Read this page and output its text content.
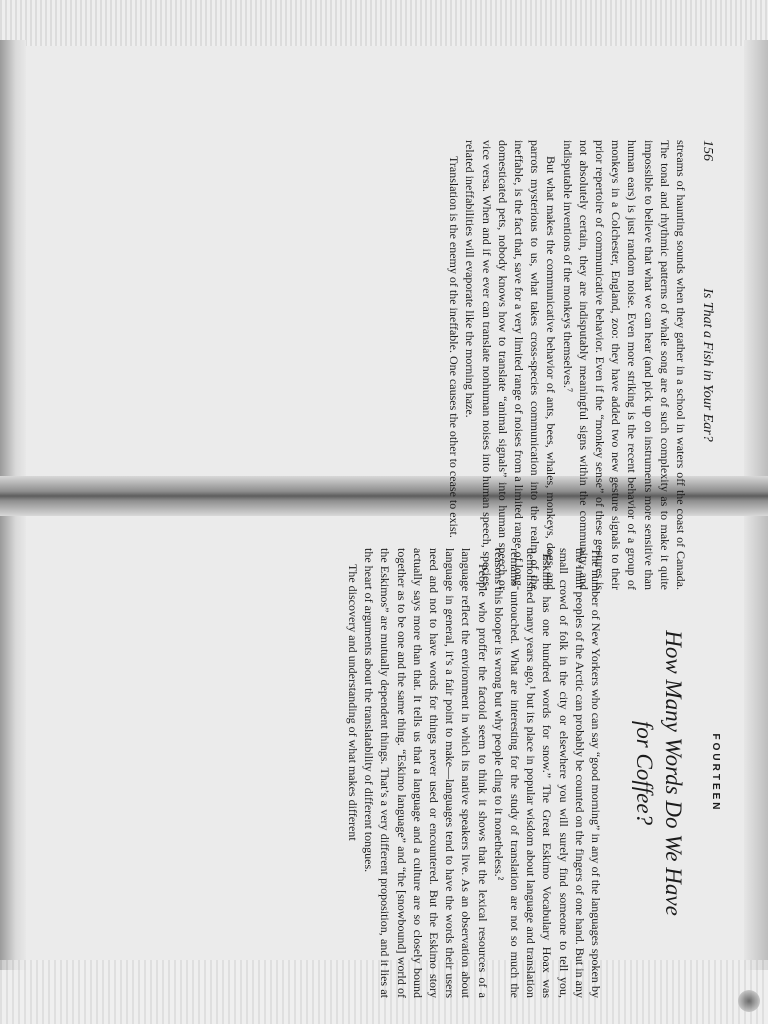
156
Is That a Fish in Your Ear?

streams of haunting sounds when they gather in a school in waters off the coast of Canada. The tonal and rhythmic patterns of whale song are of such complexity as to make it quite impossible to believe that what we can hear (and pick up on instruments more sensitive than human ears) is just random noise. Even more striking is the recent behavior of a group of monkeys in a Colchester, England, zoo: they have added two new gesture signals to their prior repertoire of communicative behavior. Even if the “monkey sense” of these gestures is not absolutely certain, they are indisputably meaningful signs within the community, and indisputable inventions of the monkeys themselves.⁷

But what makes the communicative behavior of ants, bees, whales, monkeys, dogs, and parrots mysterious to us, what takes cross-species communication into the realm of the ineffable, is the fact that, save for a very limited range of noises from a limited range of long-domesticated pets, nobody knows how to translate “animal signals” into human speech or vice versa. When and if we ever can translate nonhuman noises into human speech, species-related ineffabilities will evaporate like the morning haze.

Translation is the enemy of the ineffable. One causes the other to cease to exist.

FOURTEEN
How Many Words Do We Have
for Coffee?

The number of New Yorkers who can say “good morning” in any of the languages spoken by the Inuit peoples of the Arctic can probably be counted on the fingers of one hand. But in any small crowd of folk in the city or elsewhere you will surely find someone to tell you, “Eskimo has one hundred words for snow.” The Great Eskimo Vocabulary Hoax was demolished many years ago,¹ but its place in popular wisdom about language and translation remains untouched. What are interesting for the study of translation are not so much the reasons this blooper is wrong but why people cling to it nonetheless.²

People who proffer the factoid seem to think it shows that the lexical resources of a language reflect the environment in which its native speakers live. As an observation about language in general, it’s a fair point to make—languages tend to have the words their users need and not to have words for things never used or encountered. But the Eskimo story actually says more than that. It tells us that a language and a culture are so closely bound together as to be one and the same thing. “Eskimo language” and “the [snowbound] world of the Eskimos” are mutually dependent things. That’s a very different proposition, and it lies at the heart of arguments about the translatability of different tongues.

The discovery and understanding of what makes different
